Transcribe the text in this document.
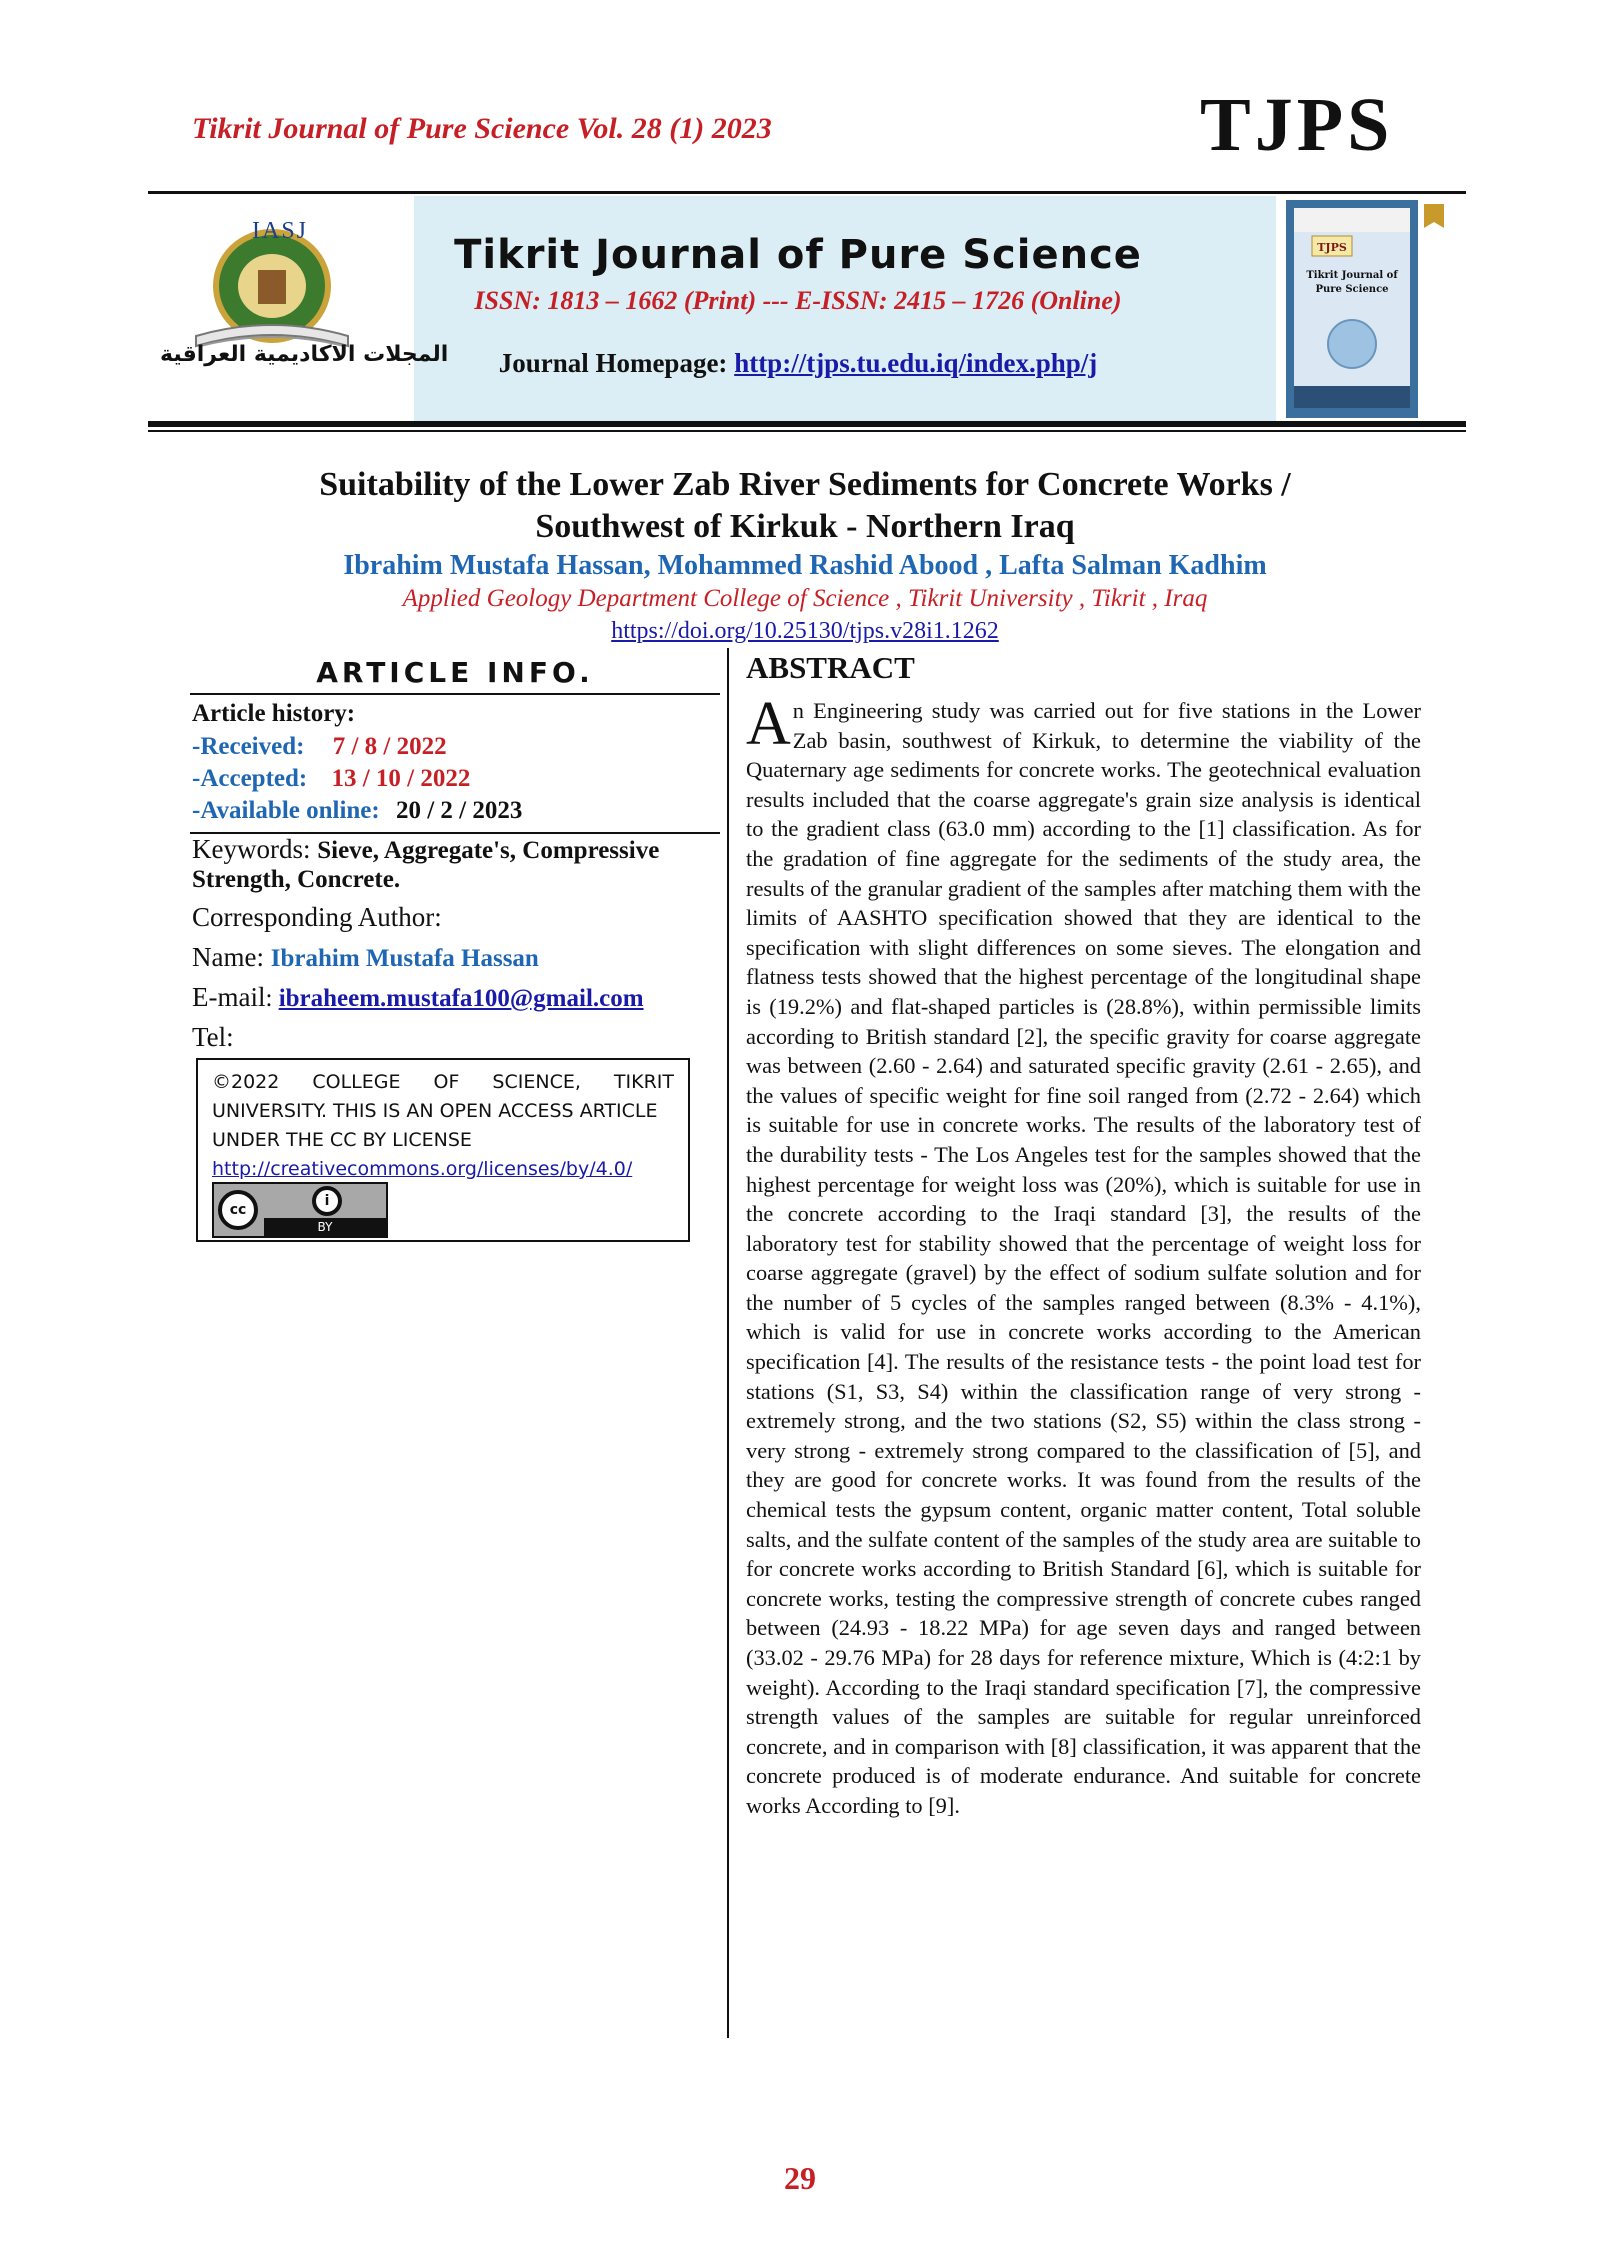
Tikrit Journal of Pure Science Vol. 28 (1) 2023	TJPS
TJPS
Tikrit Journal of
Pure Science
IASJ
المجلات الاكاديمية العراقية
Tikrit Journal of Pure Science
ISSN: 1813 – 1662 (Print) --- E-ISSN: 2415 – 1726 (Online)
Journal Homepage: http://tjps.tu.edu.iq/index.php/j
Suitability of the Lower Zab River Sediments for Concrete Works /
Southwest of Kirkuk - Northern Iraq
Ibrahim Mustafa Hassan, Mohammed Rashid Abood , Lafta Salman Kadhim
Applied Geology Department College of Science , Tikrit University , Tikrit , Iraq
https://doi.org/10.25130/tjps.v28i1.1262
ARTICLE INFO.
Article history:
-Received: 7 / 8 / 2022
-Accepted: 13 / 10 / 2022
-Available online: 20 / 2 / 2023
Keywords: Sieve, Aggregate's, Compressive
Strength, Concrete.
Corresponding Author:
Name: Ibrahim Mustafa Hassan
E-mail: ibraheem.mustafa100@gmail.com
Tel:
©2022 COLLEGE OF SCIENCE, TIKRIT
UNIVERSITY. THIS IS AN OPEN ACCESS ARTICLE
UNDER THE CC BY LICENSE
http://creativecommons.org/licenses/by/4.0/
cc
i
BY
ABSTRACT
An Engineering study was carried out for five stations in the Lower Zab basin, southwest of Kirkuk, to determine the viability of the Quaternary age sediments for concrete works. The geotechnical evaluation results included that the coarse aggregate's grain size analysis is identical to the gradient class (63.0 mm) according to the [1] classification. As for the gradation of fine aggregate for the sediments of the study area, the results of the granular gradient of the samples after matching them with the limits of AASHTO specification showed that they are identical to the specification with slight differences on some sieves. The elongation and flatness tests showed that the highest percentage of the longitudinal shape is (19.2%) and flat-shaped particles is (28.8%), within permissible limits according to British standard [2], the specific gravity for coarse aggregate was between (2.60 - 2.64) and saturated specific gravity (2.61 - 2.65), and the values of specific weight for fine soil ranged from (2.72 - 2.64) which is suitable for use in concrete works. The results of the laboratory test of the durability tests - The Los Angeles test for the samples showed that the highest percentage for weight loss was (20%), which is suitable for use in the concrete according to the Iraqi standard [3], the results of the laboratory test for stability showed that the percentage of weight loss for coarse aggregate (gravel) by the effect of sodium sulfate solution and for the number of 5 cycles of the samples ranged between (8.3% - 4.1%), which is valid for use in concrete works according to the American specification [4]. The results of the resistance tests - the point load test for stations (S1, S3, S4) within the classification range of very strong - extremely strong, and the two stations (S2, S5) within the class strong - very strong - extremely strong compared to the classification of [5], and they are good for concrete works. It was found from the results of the chemical tests the gypsum content, organic matter content, Total soluble salts, and the sulfate content of the samples of the study area are suitable to for concrete works according to British Standard [6], which is suitable for concrete works, testing the compressive strength of concrete cubes ranged between (24.93 - 18.22 MPa) for age seven days and ranged between (33.02 - 29.76 MPa) for 28 days for reference mixture, Which is (4:2:1 by weight). According to the Iraqi standard specification [7], the compressive strength values of the samples are suitable for regular unreinforced concrete, and in comparison with [8] classification, it was apparent that the concrete produced is of moderate endurance. And suitable for concrete works According to [9].
29
